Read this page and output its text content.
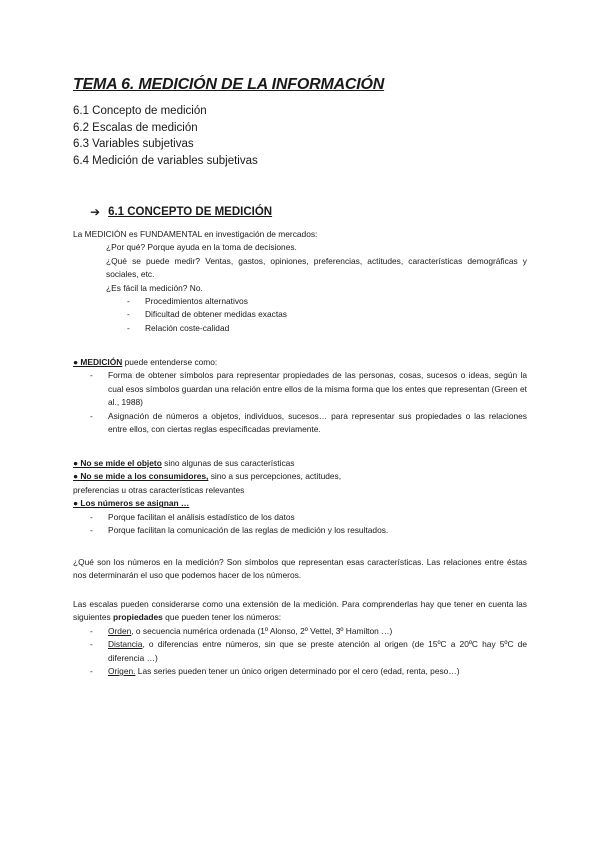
TEMA 6. MEDICIÓN DE LA INFORMACIÓN
6.1 Concepto de medición
6.2 Escalas de medición
6.3 Variables subjetivas
6.4 Medición de variables subjetivas
➔ 6.1 CONCEPTO DE MEDICIÓN

La MEDICIÓN es FUNDAMENTAL en investigación de mercados:

¿Por qué? Porque ayuda en la toma de decisiones.

¿Qué se puede medir? Ventas, gastos, opiniones, preferencias, actitudes, características demográficas y sociales, etc.

¿Es fácil la medición? No.

-	Procedimientos alternativos
-	Dificultad de obtener medidas exactas
-	Relación coste-calidad

● MEDICIÓN puede entenderse como:

-	Forma de obtener símbolos para representar propiedades de las personas, cosas, sucesos o ideas, según la cual esos símbolos guardan una relación entre ellos de la misma forma que los entes que representan (Green et al., 1988)
-	Asignación de números a objetos, individuos, sucesos… para representar sus propiedades o las relaciones entre ellos, con ciertas reglas especificadas previamente.

● No se mide el objeto sino algunas de sus características

● No se mide a los consumidores, sino a sus percepciones, actitudes,

preferencias u otras características relevantes

● Los números se asignan …

-	Porque facilitan el análisis estadístico de los datos
-	Porque facilitan la comunicación de las reglas de medición y los resultados.
¿Qué son los números en la medición? Son símbolos que representan esas características. Las relaciones entre éstas nos determinarán el uso que podemos hacer de los números.

Las escalas pueden considerarse como una extensión de la medición. Para comprenderlas hay que tener en cuenta las siguientes propiedades que pueden tener los números:

-	Orden, o secuencia numérica ordenada (1º Alonso, 2º Vettel, 3º Hamilton …)
-	Distancia, o diferencias entre números, sin que se preste atención al origen (de 15ºC a 20ºC hay 5ºC de diferencia …)
-	Origen. Las series pueden tener un único origen determinado por el cero (edad, renta, peso…)
